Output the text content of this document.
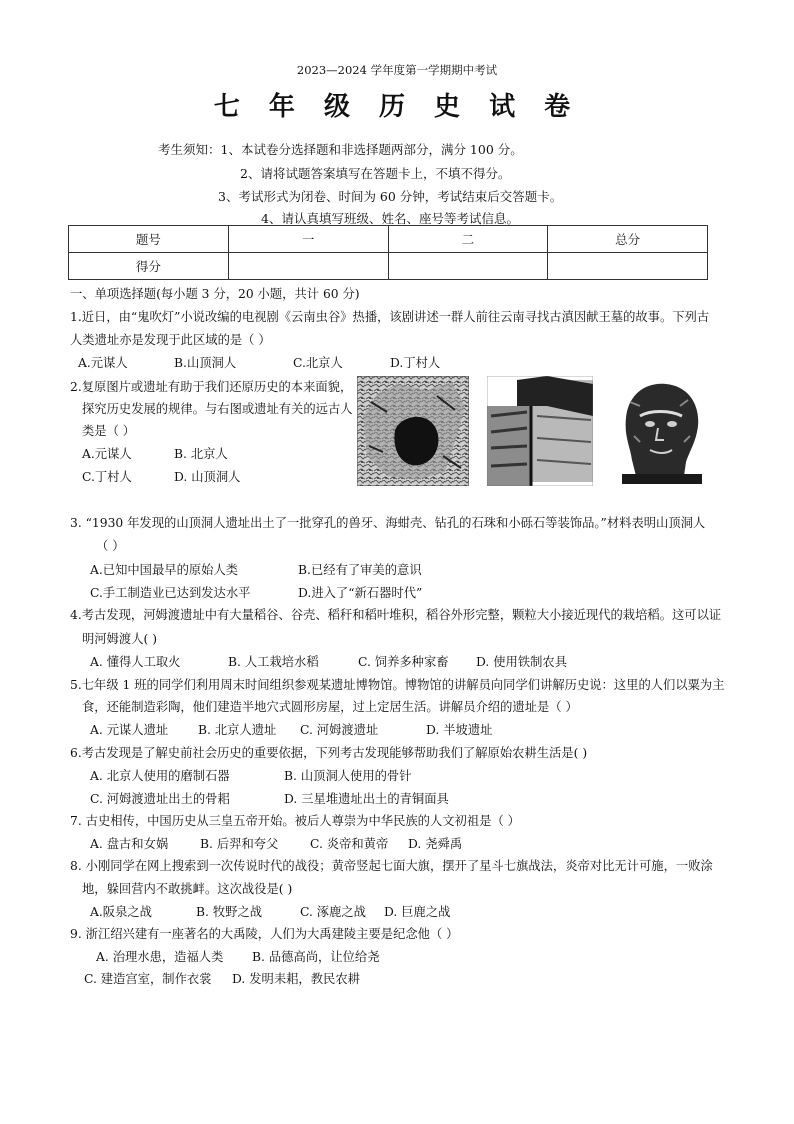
2023—2024 学年度第一学期期中考试
七 年 级 历 史 试 卷
考生须知：1、本试卷分选择题和非选择题两部分，满分 100 分。
2、请将试题答案填写在答题卡上，不填不得分。
3、考试形式为闭卷、时间为 60 分钟，考试结束后交答题卡。
4、请认真填写班级、姓名、座号等考试信息。
题号	一	二	总分
得分			
一、单项选择题(每小题 3 分，20 小题，共计 60 分)
1.近日，由“鬼吹灯”小说改编的电视剧《云南虫谷》热播，该剧讲述一群人前往云南寻找古滇因献王墓的故事。下列古
人类遗址亦是发现于此区域的是（ ）
A.元谋人	B.山顶洞人	C.北京人	D.丁村人
2.复原图片或遗址有助于我们还原历史的本来面貌，
探究历史发展的规律。与右图或遗址有关的远古人
类是（ ）
A.元谋人	B. 北京人
C.丁村人	D. 山顶洞人
3. “1930 年发现的山顶洞人遗址出土了一批穿孔的兽牙、海蚶壳、钻孔的石珠和小砾石等装饰品。”材料表明山顶洞人
（ ）
A.已知中国最早的原始人类	B.已经有了审美的意识
C.手工制造业已达到发达水平	D.进入了“新石器时代”
4.考古发现，河姆渡遗址中有大量稻谷、谷壳、稻秆和稻叶堆积，稻谷外形完整，颗粒大小接近现代的栽培稻。这可以证
明河姆渡人( )
A. 懂得人工取火	B. 人工栽培水稻	C. 饲养多种家畜 D. 使用铁制农具
5.七年级 1 班的同学们利用周末时间组织参观某遗址博物馆。博物馆的讲解员向同学们讲解历史说：这里的人们以粟为主
食，还能制造彩陶，他们建造半地穴式圆形房屋，过上定居生活。讲解员介绍的遗址是（ ）
A. 元谋人遗址 B. 北京人遗址 C. 河姆渡遗址	D. 半坡遗址
6.考古发现是了解史前社会历史的重要依据，下列考古发现能够帮助我们了解原始农耕生活是( )
A. 北京人使用的磨制石器	B. 山顶洞人使用的骨针
C. 河姆渡遗址出土的骨耜	D. 三星堆遗址出土的青铜面具
7. 古史相传，中国历史从三皇五帝开始。被后人尊崇为中华民族的人文初祖是（ ）
A. 盘古和女娲	B. 后羿和夸父	C. 炎帝和黄帝 D. 尧舜禹
8. 小刚同学在网上搜索到一次传说时代的战役；黄帝竖起七面大旗，摆开了星斗七旗战法，炎帝对比无计可施，一败涂
地，躲回营内不敢挑衅。这次战役是( )
A.阪泉之战	B. 牧野之战	C. 涿鹿之战 D. 巨鹿之战
9. 浙江绍兴建有一座著名的大禹陵，人们为大禹建陵主要是纪念他（ ）
A. 治理水患，造福人类 B. 品德高尚，让位给尧
C. 建造宫室，制作衣裳 D. 发明耒耜，教民农耕
